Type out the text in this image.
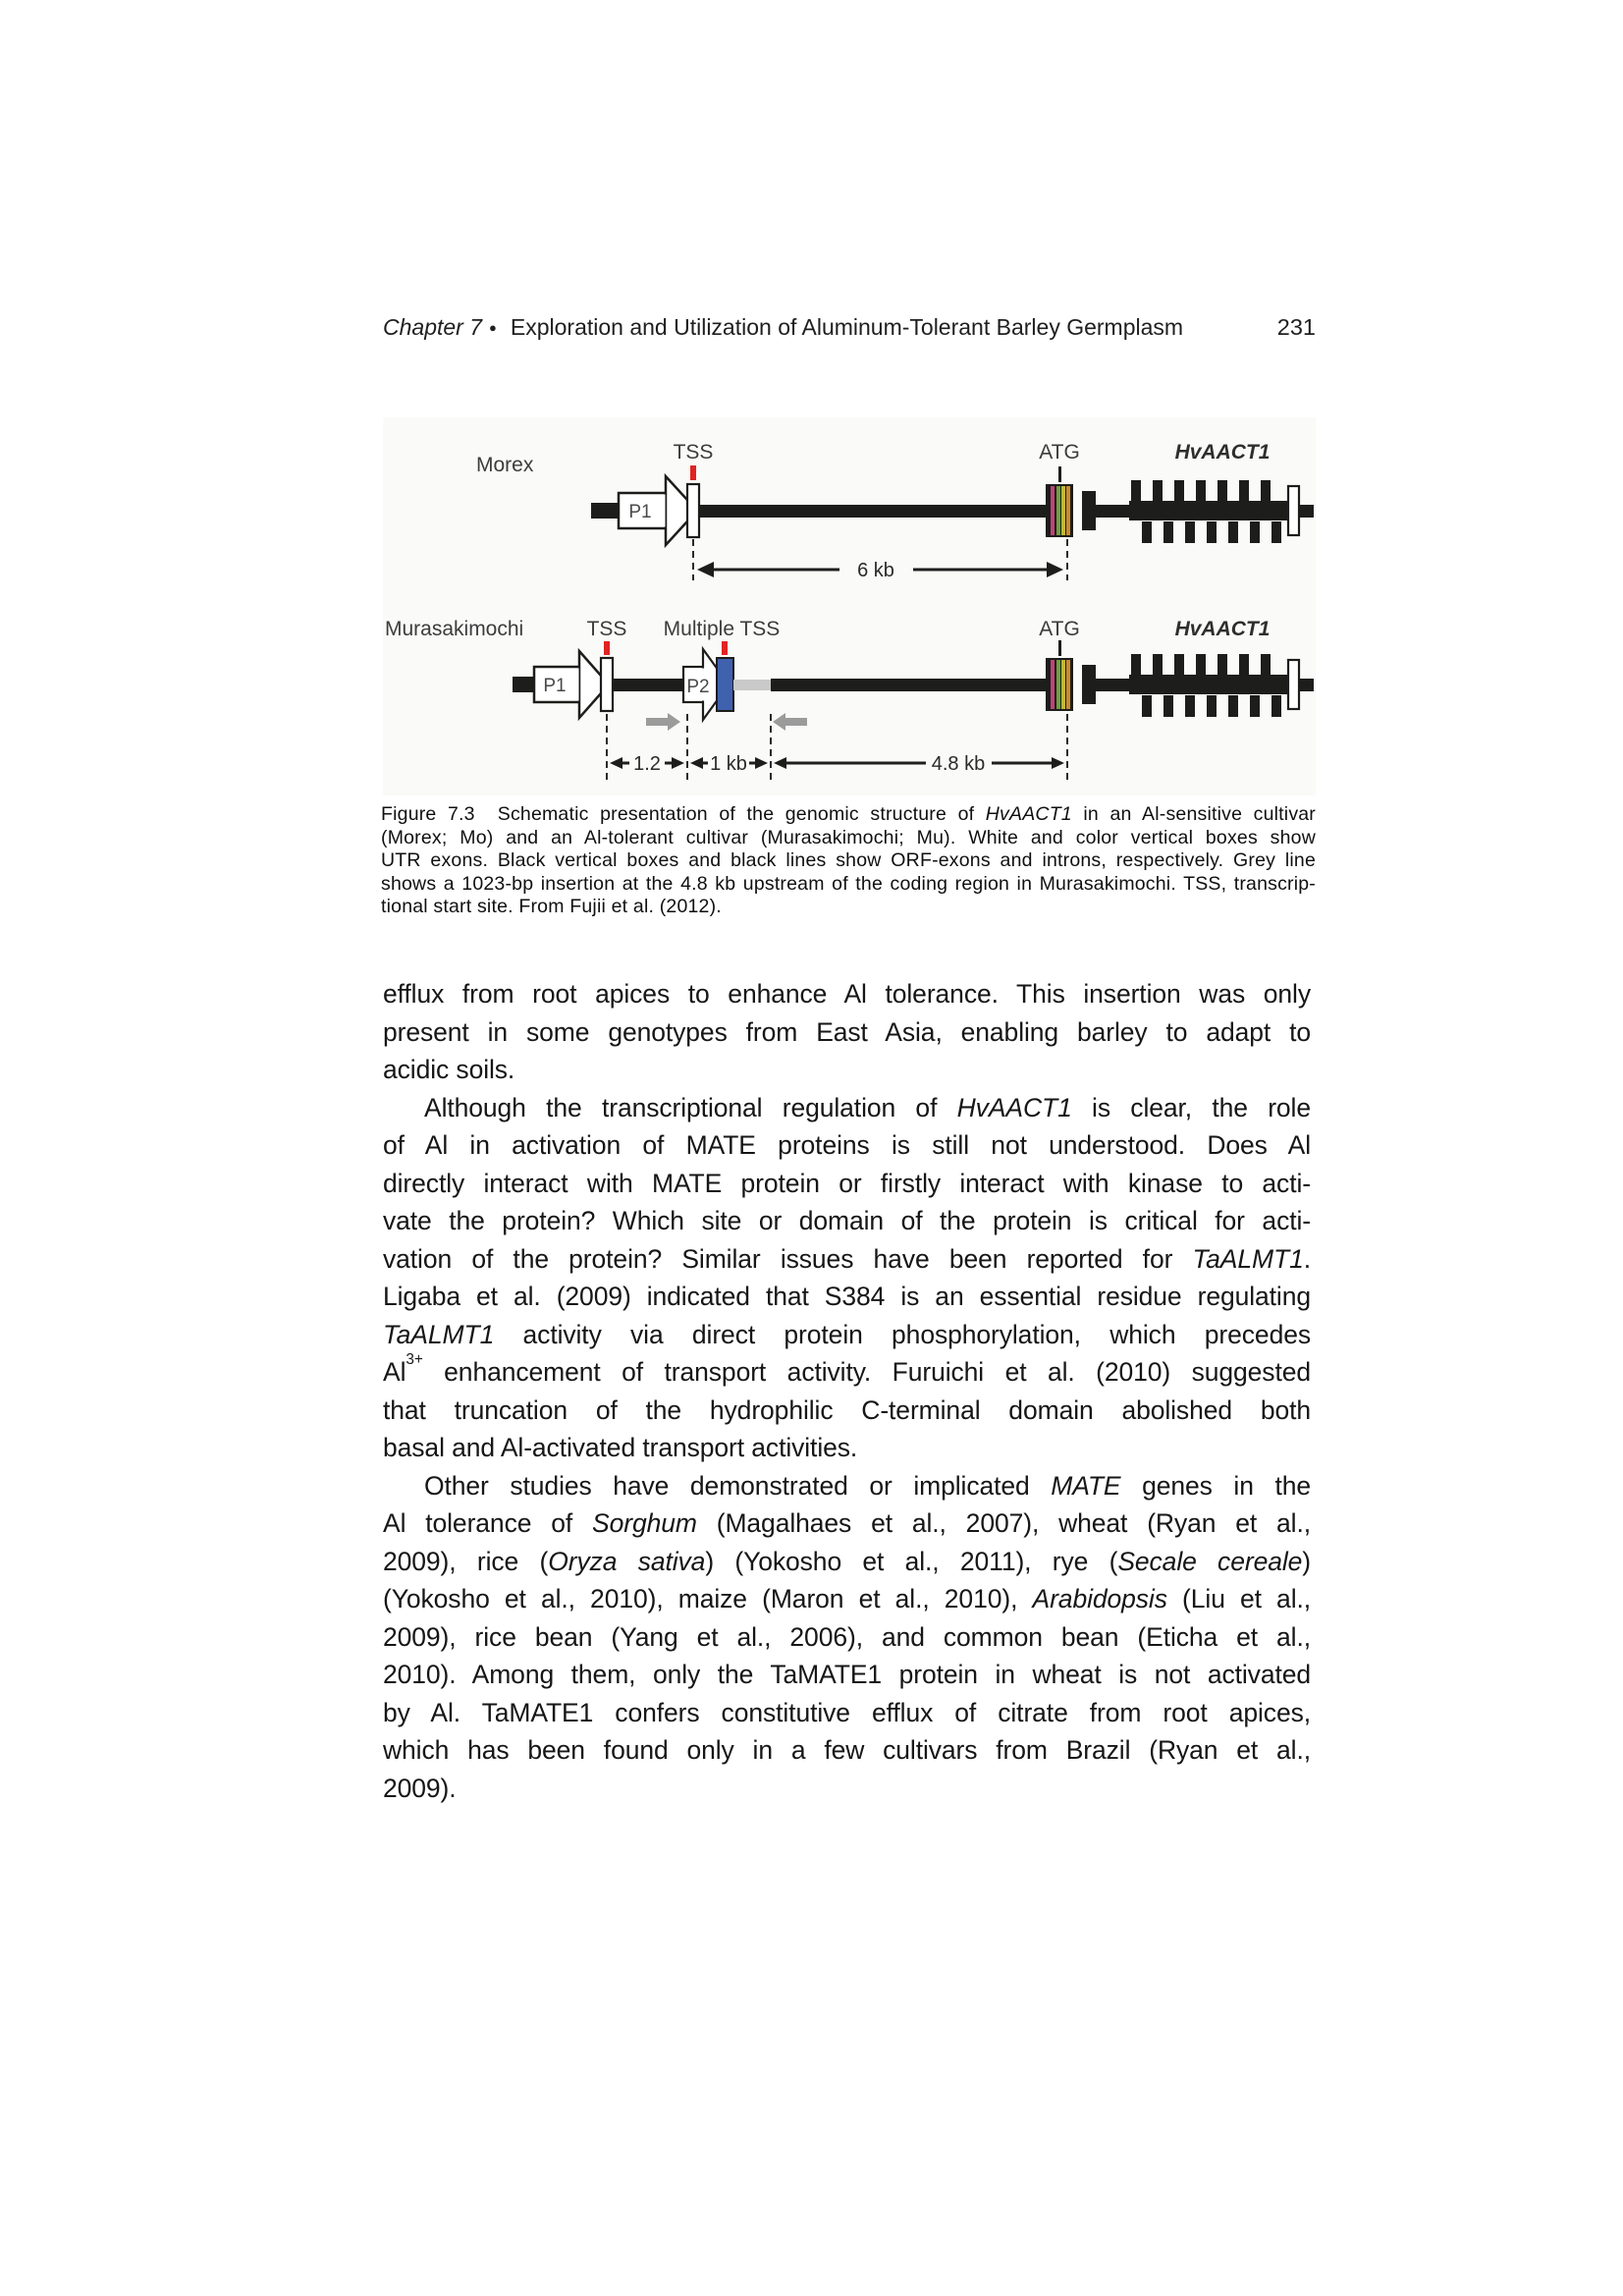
Chapter 7 ● Exploration and Utilization of Aluminum-Tolerant Barley Germplasm	231
Morex
TSS	ATG	HvAACT1
P1
6 kb
Murasakimochi	TSS Multiple TSS	ATG	HvAACT1
P1	P2
1.2	1 kb	4.8 kb
Figure 7.3  Schematic presentation of the genomic structure of HvAACT1 in an Al-sensitive cultivar
(Morex; Mo) and an Al-tolerant cultivar (Murasakimochi; Mu). White and color vertical boxes show
UTR exons. Black vertical boxes and black lines show ORF-exons and introns, respectively. Grey line
shows a 1023-bp insertion at the 4.8 kb upstream of the coding region in Murasakimochi. TSS, transcrip-
tional start site. From Fujii et al. (2012).
efflux from root apices to enhance Al tolerance. This insertion was only
present in some genotypes from East Asia, enabling barley to adapt to
acidic soils.
Although the transcriptional regulation of HvAACT1 is clear, the role
of Al in activation of MATE proteins is still not understood. Does Al
directly interact with MATE protein or firstly interact with kinase to acti-
vate the protein? Which site or domain of the protein is critical for acti-
vation of the protein? Similar issues have been reported for TaALMT1.
Ligaba et al. (2009) indicated that S384 is an essential residue regulating
TaALMT1 activity via direct protein phosphorylation, which precedes
$Al^{3+}$ enhancement of transport activity. Furuichi et al. (2010) suggested
that truncation of the hydrophilic C-terminal domain abolished both
basal and Al-activated transport activities.
Other studies have demonstrated or implicated MATE genes in the
Al tolerance of Sorghum (Magalhaes et al., 2007), wheat (Ryan et al.,
2009), rice (Oryza sativa) (Yokosho et al., 2011), rye (Secale cereale)
(Yokosho et al., 2010), maize (Maron et al., 2010), Arabidopsis (Liu et al.,
2009), rice bean (Yang et al., 2006), and common bean (Eticha et al.,
2010). Among them, only the TaMATE1 protein in wheat is not activated
by Al. TaMATE1 confers constitutive efflux of citrate from root apices,
which has been found only in a few cultivars from Brazil (Ryan et al.,
2009).
